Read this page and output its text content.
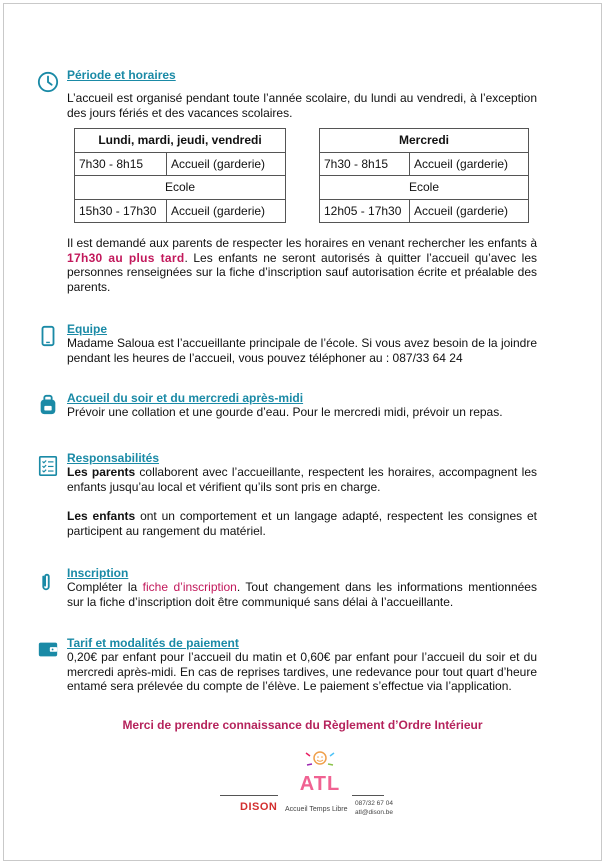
Période et horaires
L’accueil est organisé pendant toute l’année scolaire, du lundi au vendredi, à l’exception des jours fériés et des vacances scolaires.
Lundi, mardi, jeudi, vendredi	
7h30 - 8h15	Accueil (garderie)
Ecole	
15h30 - 17h30	Accueil (garderie)
Mercredi	
7h30 - 8h15	Accueil (garderie)
Ecole	
12h05 - 17h30	Accueil (garderie)
Il est demandé aux parents de respecter les horaires en venant rechercher les enfants à 17h30 au plus tard. Les enfants ne seront autorisés à quitter l’accueil qu’avec les personnes renseignées sur la fiche d’inscription sauf autorisation écrite et préalable des parents.
Equipe
Madame Saloua est l’accueillante principale de l’école. Si vous avez besoin de la joindre pendant les heures de l’accueil, vous pouvez téléphoner au : 087/33 64 24
Accueil du soir et du mercredi après-midi
Prévoir une collation et une gourde d’eau. Pour le mercredi midi, prévoir un repas.
Responsabilités
Les parents collaborent avec l’accueillante, respectent les horaires, accompagnent les enfants jusqu’au local et vérifient qu’ils sont pris en charge.
Les enfants ont un comportement et un langage adapté, respectent les consignes et participent au rangement du matériel.
Inscription
Compléter la fiche d’inscription. Tout changement dans les informations mentionnées sur la fiche d’inscription doit être communiqué sans délai à l’accueillante.
Tarif et modalités de paiement
0,20€ par enfant pour l’accueil du matin et 0,60€ par enfant pour l’accueil du soir et du mercredi après-midi. En cas de reprises tardives, une redevance pour tout quart d’heure entamé sera prélevée du compte de l’élève. Le paiement s’effectue via l’application.
Merci de prendre connaissance du Règlement d’Ordre Intérieur
ATL
DISON Accueil Temps Libre
087/32 67 04
atl@dison.be
